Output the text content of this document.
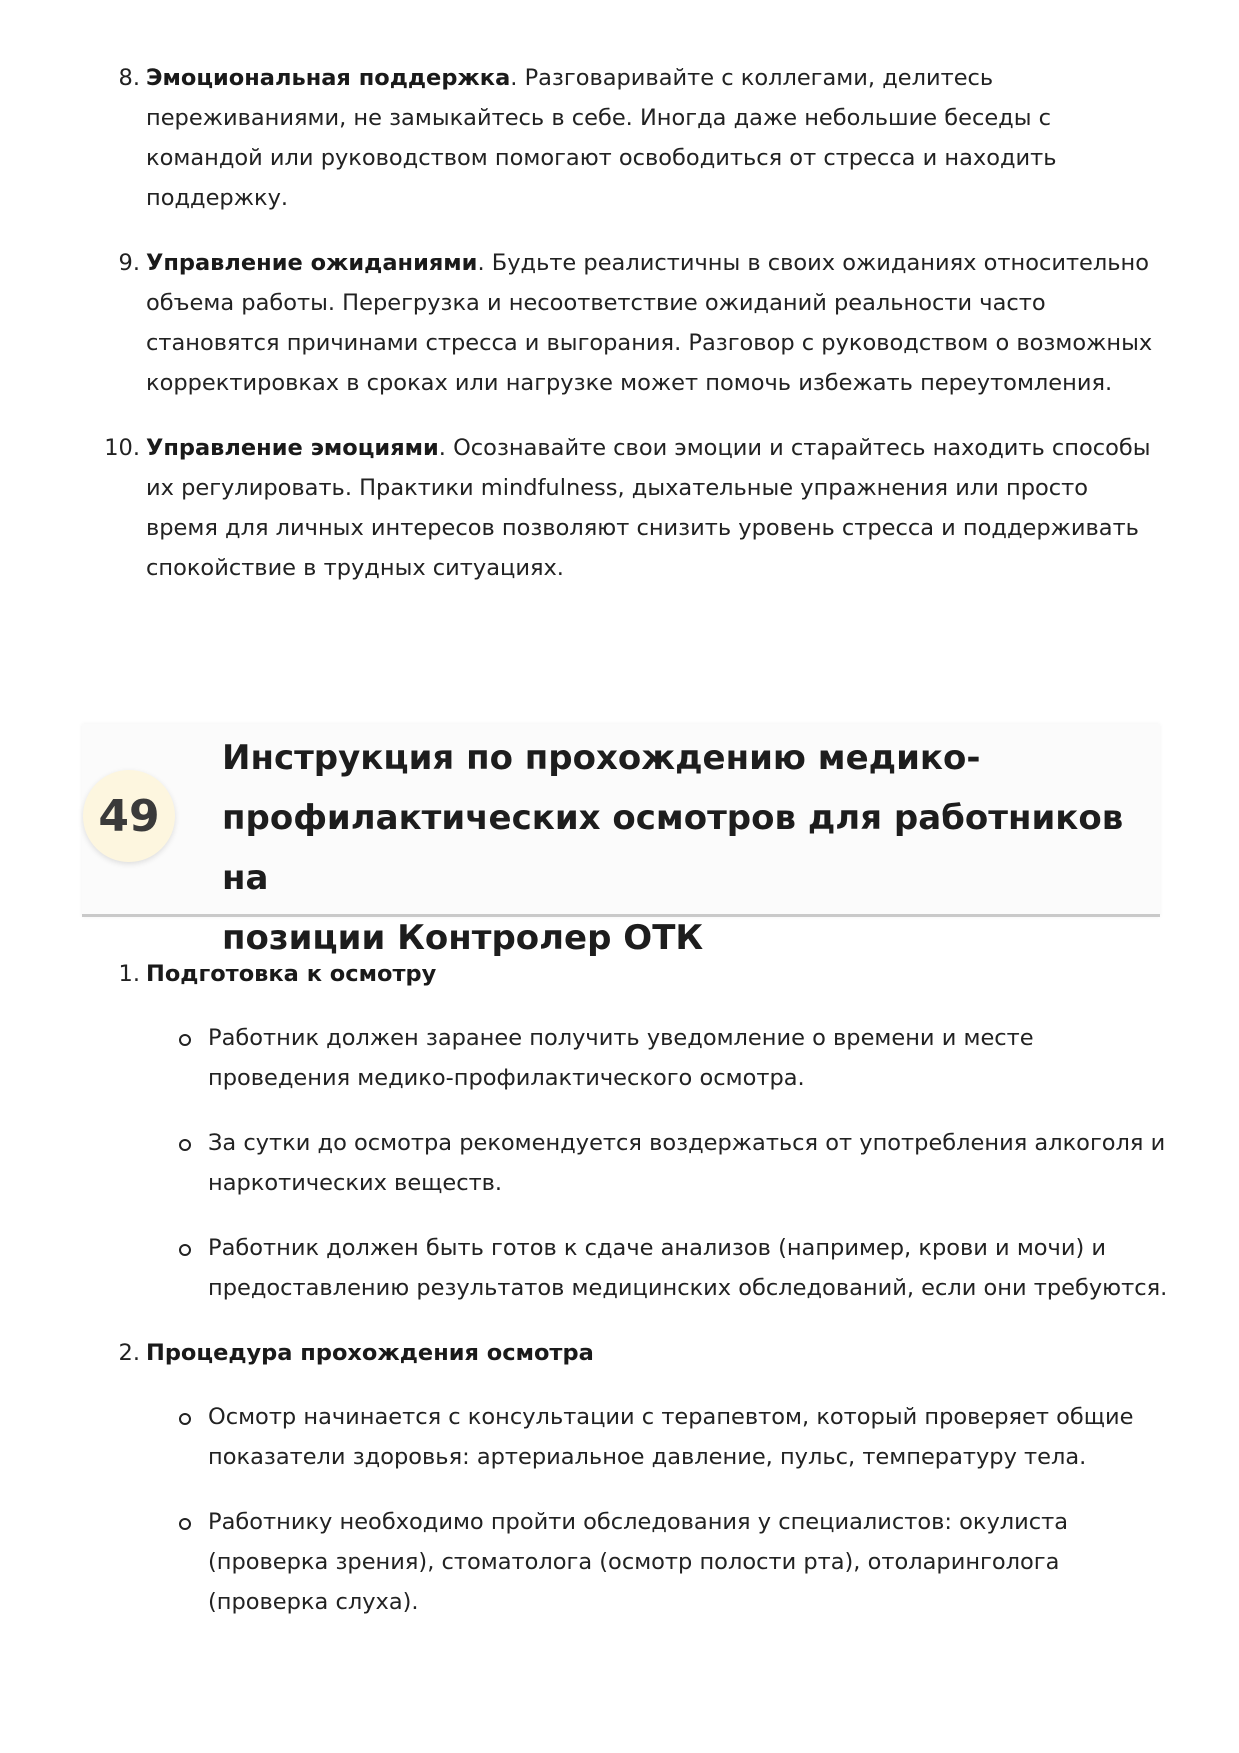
8. Эмоциональная поддержка. Разговаривайте с коллегами, делитесь переживаниями, не замыкайтесь в себе. Иногда даже небольшие беседы с командой или руководством помогают освободиться от стресса и находить поддержку.
9. Управление ожиданиями. Будьте реалистичны в своих ожиданиях относительно объема работы. Перегрузка и несоответствие ожиданий реальности часто становятся причинами стресса и выгорания. Разговор с руководством о возможных корректировках в сроках или нагрузке может помочь избежать переутомления.
10. Управление эмоциями. Осознавайте свои эмоции и старайтесь находить способы их регулировать. Практики mindfulness, дыхательные упражнения или просто время для личных интересов позволяют снизить уровень стресса и поддерживать спокойствие в трудных ситуациях.
49
Инструкция по прохождению медико-
профилактических осмотров для работников на
позиции Контролер ОТК
1. Подготовка к осмотру
Работник должен заранее получить уведомление о времени и месте проведения медико-профилактического осмотра.
За сутки до осмотра рекомендуется воздержаться от употребления алкоголя и наркотических веществ.
Работник должен быть готов к сдаче анализов (например, крови и мочи) и предоставлению результатов медицинских обследований, если они требуются.
2. Процедура прохождения осмотра
Осмотр начинается с консультации с терапевтом, который проверяет общие показатели здоровья: артериальное давление, пульс, температуру тела.
Работнику необходимо пройти обследования у специалистов: окулиста (проверка зрения), стоматолога (осмотр полости рта), отоларинголога (проверка слуха).
